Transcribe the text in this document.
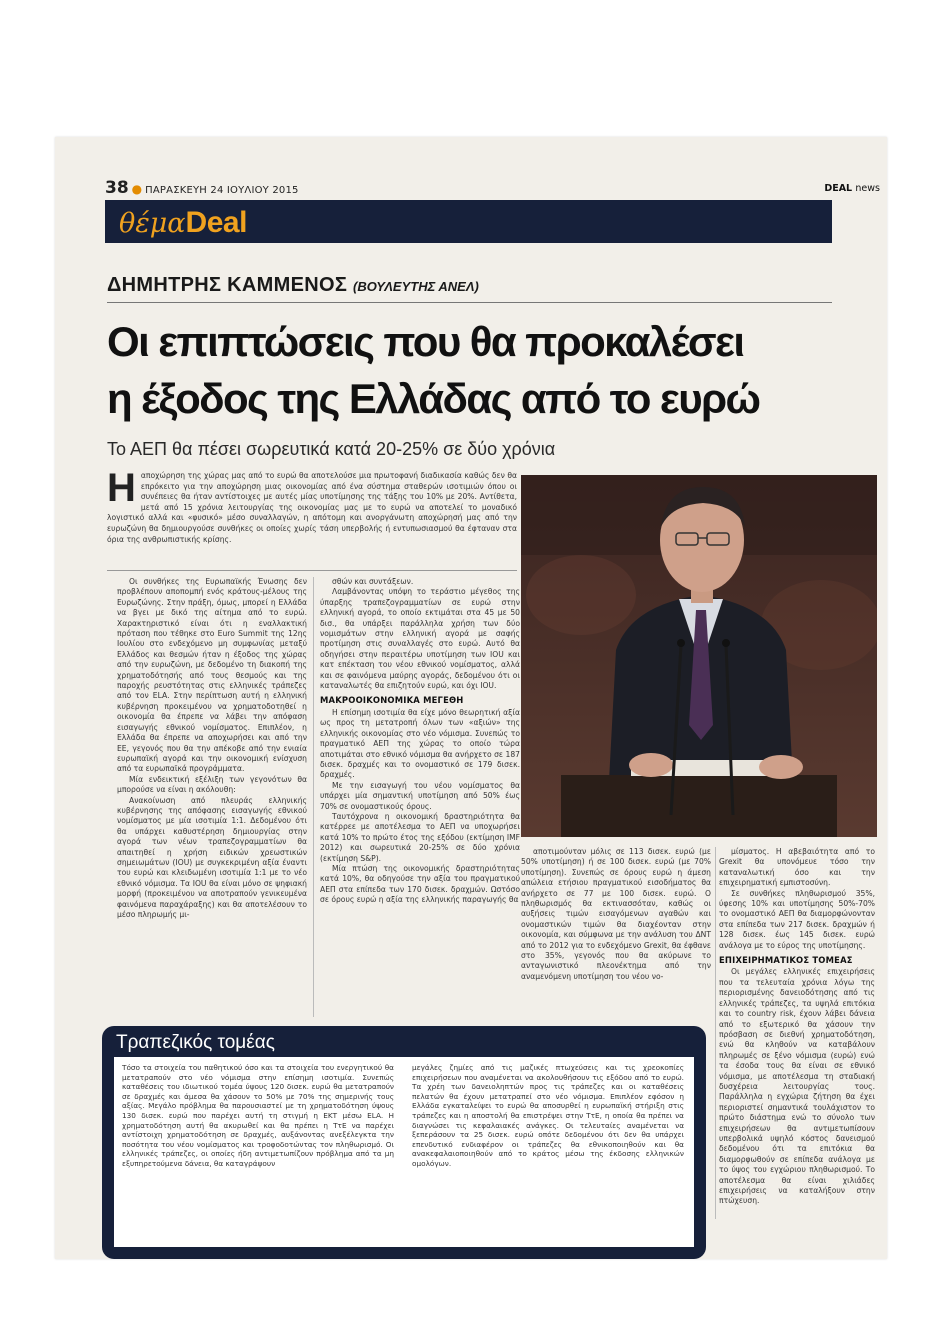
38 ● ΠΑΡΑΣΚΕΥΗ 24 ΙΟΥΛΙΟΥ 2015	DEAL news
θέμαDeal
ΔΗΜΗΤΡΗΣ ΚΑΜΜΕΝΟΣ (ΒΟΥΛΕΥΤΗΣ ΑΝΕΛ)
Οι επιπτώσεις που θα προκαλέσει
η έξοδος της Ελλάδας από το ευρώ
Το ΑΕΠ θα πέσει σωρευτικά κατά 20-25% σε δύο χρόνια
Ηαποχώρηση της χώρας μας από το ευρώ θα αποτελούσε μια πρωτοφανή διαδικασία καθώς δεν θα επρόκειτο για την αποχώρηση μιας οικονομίας από ένα σύστημα σταθερών ισοτιμιών όπου οι συνέπειες θα ήταν αντίστοιχες με αυτές μίας υποτίμησης της τάξης του 10% με 20%. Αντίθετα, μετά από 15 χρόνια λειτουργίας της οικονομίας μας με το ευρώ να αποτελεί το μοναδικό λογιστικό αλλά και «φυσικό» μέσο συναλλαγών, η απότομη και ανοργάνωτη αποχώρησή μας από την ευρωζώνη θα δημιουργούσε συνθήκες οι οποίες χωρίς τάση υπερβολής ή εντυπωσιασμού θα έφταναν στα όρια της ανθρωπιστικής κρίσης.

Οι συνθήκες της Ευρωπαϊκής Ένωσης δεν προβλέπουν αποπομπή ενός κράτους-μέλους της Ευρωζώνης. Στην πράξη, όμως, μπορεί η Ελλάδα να βγει με δικό της αίτημα από το ευρώ. Χαρακτηριστικό είναι ότι η εναλλακτική πρόταση που τέθηκε στο Euro Summit της 12ης Ιουλίου στο ενδεχόμενο μη συμφωνίας μεταξύ Ελλάδος και θεσμών ήταν η έξοδος της χώρας από την ευρωζώνη, με δεδομένο τη διακοπή της χρηματοδότησής από τους θεσμούς και της παροχής ρευστότητας στις ελληνικές τράπεζες από τον ELA. Στην περίπτωση αυτή η ελληνική κυβέρνηση προκειμένου να χρηματοδοτηθεί η οικονομία θα έπρεπε να λάβει την απόφαση εισαγωγής εθνικού νομίσματος. Επιπλέον, η Ελλάδα θα έπρεπε να αποχωρήσει και από την ΕΕ, γεγονός που θα την απέκοβε από την ενιαία ευρωπαϊκή αγορά και την οικονομική ενίσχυση από τα ευρωπαϊκά προγράμματα.

Μία ενδεικτική εξέλιξη των γεγονότων θα μπορούσε να είναι η ακόλουθη:

Ανακοίνωση από πλευράς ελληνικής κυβέρνησης της απόφασης εισαγωγής εθνικού νομίσματος με μία ισοτιμία 1:1. Δεδομένου ότι θα υπάρχει καθυστέρηση δημιουργίας στην αγορά των νέων τραπεζογραμματίων θα απαιτηθεί η χρήση ειδικών χρεωστικών σημειωμάτων (IOU) με συγκεκριμένη αξία έναντι του ευρώ και κλειδωμένη ισοτιμία 1:1 με το νέο εθνικό νόμισμα. Τα IOU θα είναι μόνο σε ψηφιακή μορφή (προκειμένου να αποτραπούν γενικευμένα φαινόμενα παραχάραξης) και θα αποτελέσουν το μέσο πληρωμής μι-

σθών και συντάξεων.

Λαμβάνοντας υπόψη το τεράστιο μέγεθος της ύπαρξης τραπεζογραμματίων σε ευρώ στην ελληνική αγορά, το οποίο εκτιμάται στα 45 με 50 δισ., θα υπάρξει παράλληλα χρήση των δύο νομισμάτων στην ελληνική αγορά με σαφής προτίμηση στις συναλλαγές στο ευρώ. Αυτό θα οδηγήσει στην περαιτέρω υποτίμηση των IOU και κατ επέκταση του νέου εθνικού νομίσματος, αλλά και σε φαινόμενα μαύρης αγοράς, δεδομένου ότι οι καταναλωτές θα επιζητούν ευρώ, και όχι IOU.

ΜΑΚΡΟΟΙΚΟΝΟΜΙΚΑ ΜΕΓΕΘΗ

Η επίσημη ισοτιμία θα είχε μόνο θεωρητική αξία ως προς τη μετατροπή όλων των «αξιών» της ελληνικής οικονομίας στο νέο νόμισμα. Συνεπώς το πραγματικό ΑΕΠ της χώρας το οποίο τώρα αποτιμάται στο εθνικό νόμισμα θα ανήρχετο σε 187 δισεκ. δραχμές και το ονομαστικό σε 179 δισεκ. δραχμές.

Με την εισαγωγή του νέου νομίσματος θα υπάρχει μία σημαντική υποτίμηση από 50% έως 70% σε ονομαστικούς όρους.

Ταυτόχρονα η οικονομική δραστηριότητα θα κατέρρεε με αποτέλεσμα το ΑΕΠ να υποχωρήσει κατά 10% το πρώτο έτος της εξόδου (εκτίμηση IMF 2012) και σωρευτικά 20-25% σε δύο χρόνια (εκτίμηση S&P).

Μία πτώση της οικονομικής δραστηριότητας κατά 10%, θα οδηγούσε την αξία του πραγματικού ΑΕΠ στα επίπεδα των 170 δισεκ. δραχμών. Ωστόσο σε όρους ευρώ η αξία της ελληνικής παραγωγής θα

αποτιμούνταν μόλις σε 113 δισεκ. ευρώ (με 50% υποτίμηση) ή σε 100 δισεκ. ευρώ (με 70% υποτίμηση). Συνεπώς σε όρους ευρώ η άμεση απώλεια ετήσιου πραγματικού εισοδήματος θα ανήρχετο σε 77 με 100 δισεκ. ευρώ. Ο πληθωρισμός θα εκτινασσόταν, καθώς οι αυξήσεις τιμών εισαγόμενων αγαθών και ονομαστικών τιμών θα διαχέονταν στην οικονομία, και σύμφωνα με την ανάλυση του ΔΝΤ από το 2012 για το ενδεχόμενο Grexit, θα έφθανε στο 35%, γεγονός που θα ακύρωνε το ανταγωνιστικό πλεονέκτημα από την αναμενόμενη υποτίμηση του νέου νο-

μίσματος. Η αβεβαιότητα από το Grexit θα υπονόμευε τόσο την καταναλωτική όσο και την επιχειρηματική εμπιστοσύνη.

Σε συνθήκες πληθωρισμού 35%, ύφεσης 10% και υποτίμησης 50%-70% το ονομαστικό ΑΕΠ θα διαμορφώνονταν στα επίπεδα των 217 δισεκ. δραχμών ή 128 δισεκ. έως 145 δισεκ. ευρώ ανάλογα με το εύρος της υποτίμησης.

ΕΠΙΧΕΙΡΗΜΑΤΙΚΟΣ ΤΟΜΕΑΣ

Οι μεγάλες ελληνικές επιχειρήσεις που τα τελευταία χρόνια λόγω της περιορισμένης δανειοδότησης από τις ελληνικές τράπεζες, τα υψηλά επιτόκια και το country risk, έχουν λάβει δάνεια από το εξωτερικό θα χάσουν την πρόσβαση σε διεθνή χρηματοδότηση, ενώ θα κληθούν να καταβάλουν πληρωμές σε ξένο νόμισμα (ευρώ) ενώ τα έσοδα τους θα είναι σε εθνικό νόμισμα, με αποτέλεσμα τη σταδιακή δυσχέρεια λειτουργίας τους. Παράλληλα η εγχώρια ζήτηση θα έχει περιοριστεί σημαντικά τουλάχιστον το πρώτο διάστημα ενώ το σύνολο των επιχειρήσεων θα αντιμετωπίσουν υπερβολικά υψηλό κόστος δανεισμού δεδομένου ότι τα επιτόκια θα διαμορφωθούν σε επίπεδα ανάλογα με το ύψος του εγχώριου πληθωρισμού. Το αποτέλεσμα θα είναι χιλιάδες επιχειρήσεις να καταλήξουν στην πτώχευση.

Τραπεζικός τομέας
Τόσο τα στοιχεία του παθητικού όσο και τα στοιχεία του ενεργητικού θα μετατραπούν στο νέο νόμισμα στην επίσημη ισοτιμία. Συνεπώς καταθέσεις του ιδιωτικού τομέα ύψους 120 δισεκ. ευρώ θα μετατραπούν σε δραχμές και άμεσα θα χάσουν το 50% με 70% της σημερινής τους αξίας. Μεγάλο πρόβλημα θα παρουσιαστεί με τη χρηματοδότηση ύψους 130 δισεκ. ευρώ που παρέχει αυτή τη στιγμή η ΕΚΤ μέσω ELA. Η χρηματοδότηση αυτή θα ακυρωθεί και θα πρέπει η ΤτΕ να παρέχει αντίστοιχη χρηματοδότηση σε δραχμές, αυξάνοντας ανεξέλεγκτα την ποσότητα του νέου νομίσματος και τροφοδοτώντας τον πληθωρισμό. Οι ελληνικές τράπεζες, οι οποίες ήδη αντιμετωπίζουν πρόβλημα από τα μη εξυπηρετούμενα δάνεια, θα καταγράψουν
μεγάλες ζημίες από τις μαζικές πτωχεύσεις και τις χρεοκοπίες επιχειρήσεων που αναμένεται να ακολουθήσουν τις εξόδου από το ευρώ. Τα χρέη των δανειοληπτών προς τις τράπεζες και οι καταθέσεις πελατών θα έχουν μετατραπεί στο νέο νόμισμα. Επιπλέον εφόσον η Ελλάδα εγκαταλείψει το ευρώ θα αποσυρθεί η ευρωπαϊκή στήριξη στις τράπεζες και η αποστολή θα επιστρέψει στην ΤτΕ, η οποία θα πρέπει να διαγνώσει τις κεφαλαιακές ανάγκες. Οι τελευταίες αναμένεται να ξεπεράσουν τα 25 δισεκ. ευρώ οπότε δεδομένου ότι δεν θα υπάρχει επενδυτικό ενδιαφέρον οι τράπεζες θα εθνικοποιηθούν και θα ανακεφαλαιοποιηθούν από το κράτος μέσω της έκδοσης ελληνικών ομολόγων.
